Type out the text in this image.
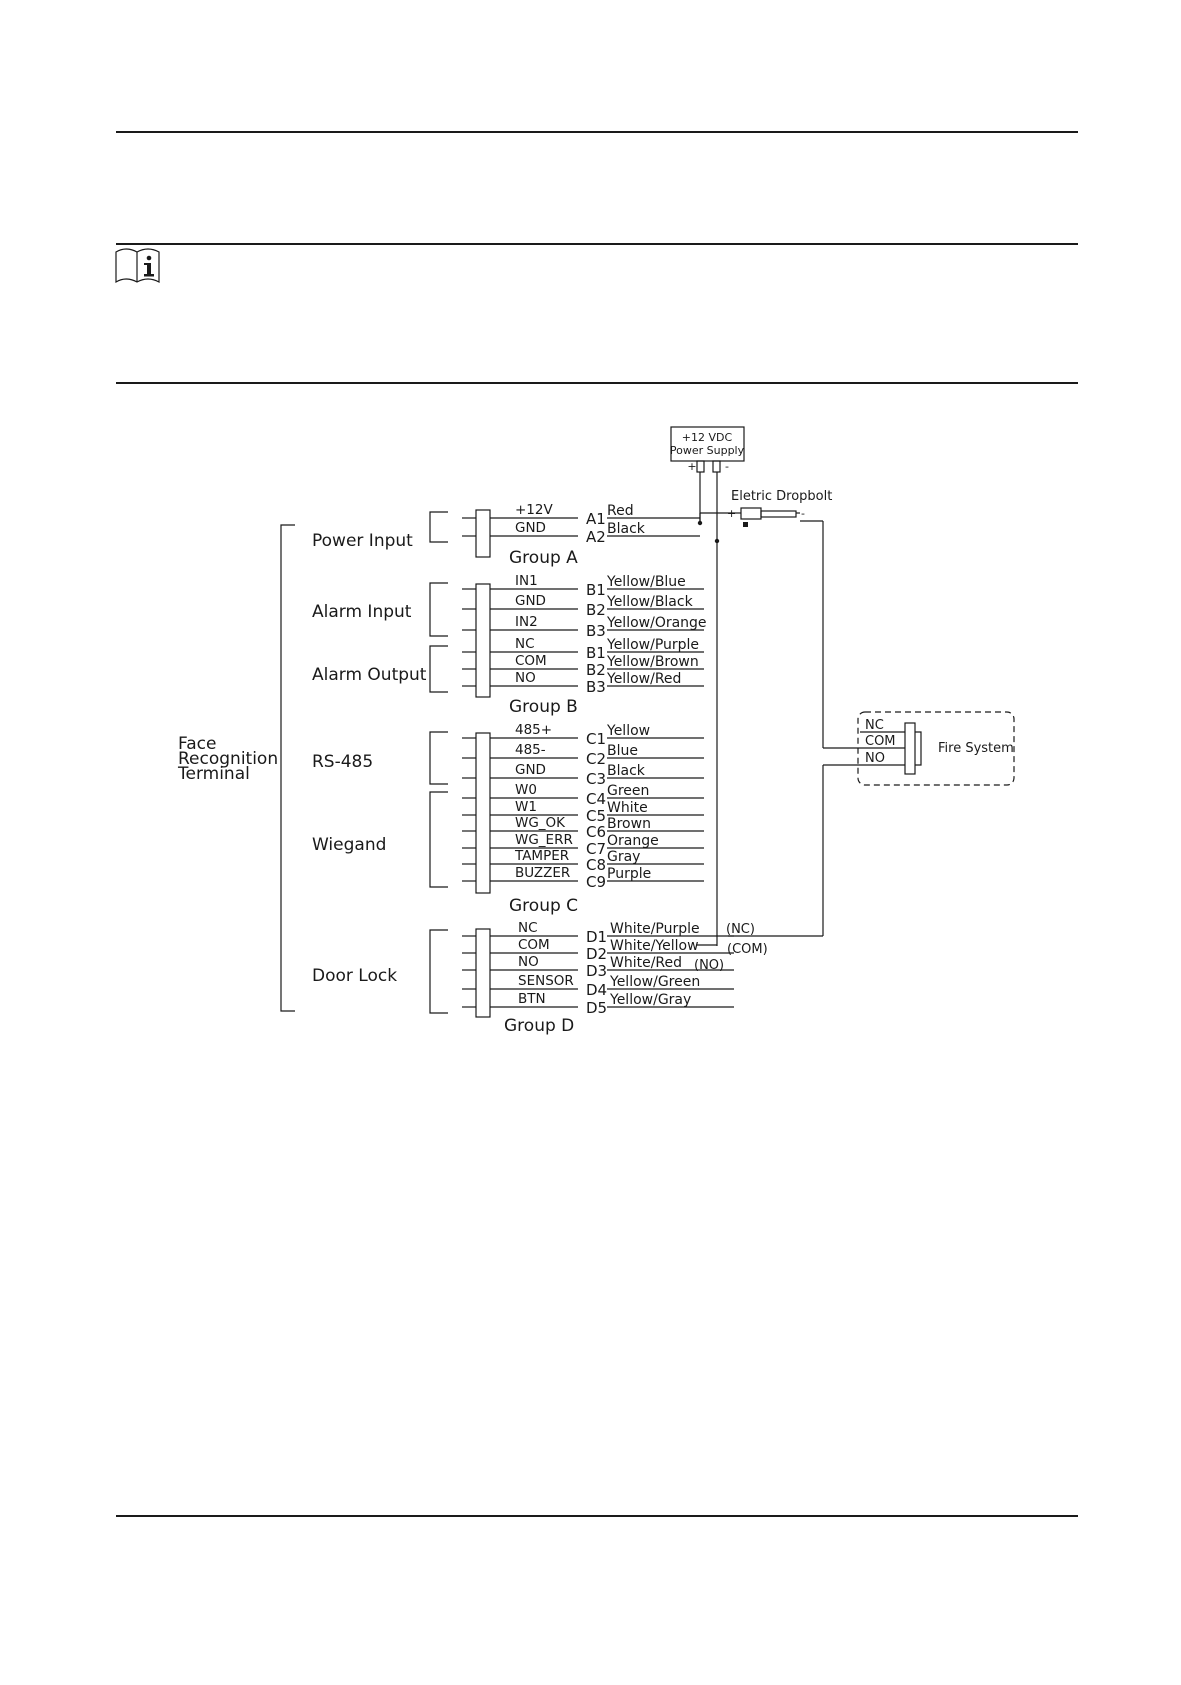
Face
Recognition
Terminal
Power Input
Alarm Input
Alarm Output
RS-485
Wiegand
Door Lock
Group A
+12V A1 Red
GND	A2 Black
Group B
IN1	B1 Yellow/Blue
GND	B2 Yellow/Black
IN2	B3 Yellow/Orange
NC	B1 Yellow/Purple
COM	B2 Yellow/Brown
NO	B3 Yellow/Red
Group C
485+ C1 Yellow
485-	C2 Blue
GND	C3 Black
W0	C4 Green
W1	C5 White
WG_OK C6 Brown
WG_ERR C7 Orange
TAMPER C8 Gray
BUZZER C9 Purple
Group D
NC	D1 White/Purple
COM D2 White/Yellow
NO	D3 White/Red
SENSOR D4 Yellow/Green
BTN	D5 Yellow/Gray
+12 VDC
Power Supply
+	-
Eletric Dropbolt
+	-
NC
COM
NO
Fire System
(NC)
(COM)
(NO)
